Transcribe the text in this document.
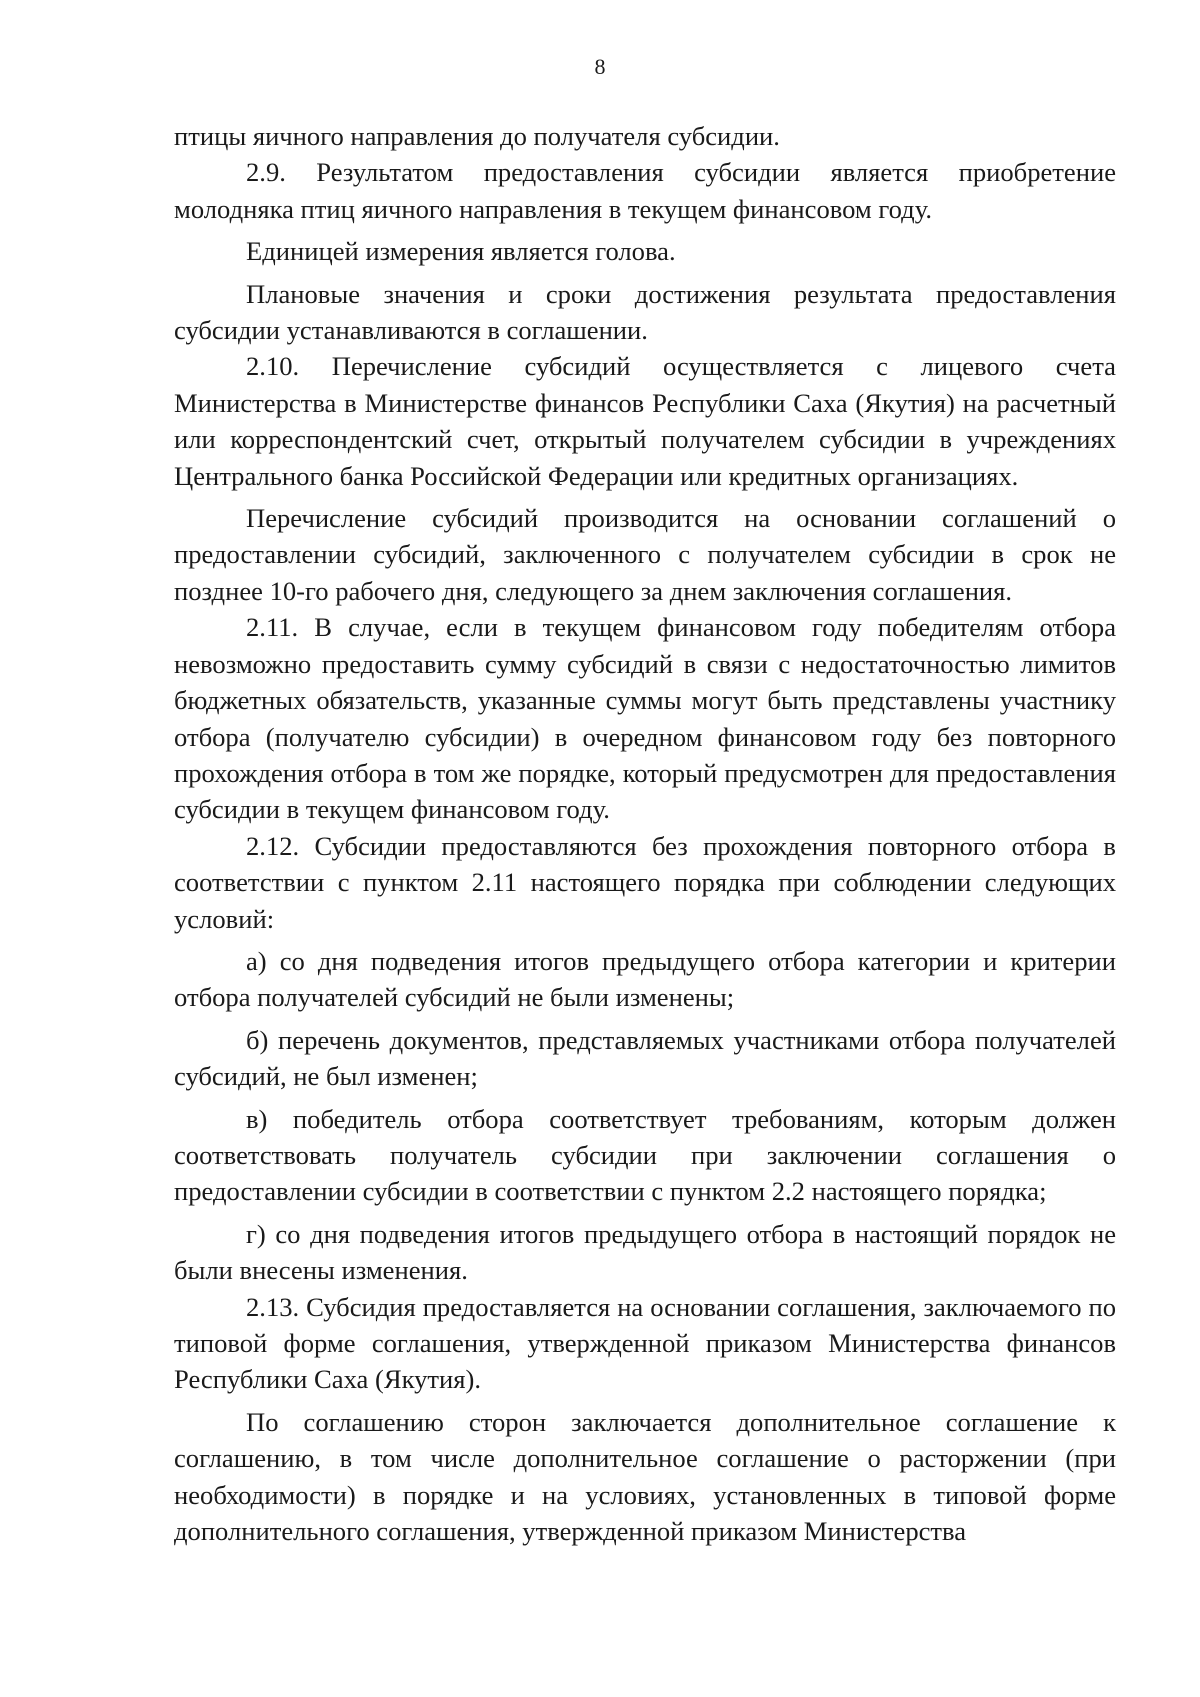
8

птицы яичного направления до получателя субсидии.

2.9. Результатом предоставления субсидии является приобретение молодняка птиц яичного направления в текущем финансовом году.

Единицей измерения является голова.

Плановые значения и сроки достижения результата предоставления субсидии устанавливаются в соглашении.

2.10. Перечисление субсидий осуществляется с лицевого счета Министерства в Министерстве финансов Республики Саха (Якутия) на расчетный или корреспондентский счет, открытый получателем субсидии в учреждениях Центрального банка Российской Федерации или кредитных организациях.

Перечисление субсидий производится на основании соглашений о предоставлении субсидий, заключенного с получателем субсидии в срок не позднее 10-го рабочего дня, следующего за днем заключения соглашения.

2.11. В случае, если в текущем финансовом году победителям отбора невозможно предоставить сумму субсидий в связи с недостаточностью лимитов бюджетных обязательств, указанные суммы могут быть представлены участнику отбора (получателю субсидии) в очередном финансовом году без повторного прохождения отбора в том же порядке, который предусмотрен для предоставления субсидии в текущем финансовом году.

2.12. Субсидии предоставляются без прохождения повторного отбора в соответствии с пунктом 2.11 настоящего порядка при соблюдении следующих условий:

а) со дня подведения итогов предыдущего отбора категории и критерии отбора получателей субсидий не были изменены;

б) перечень документов, представляемых участниками отбора получателей субсидий, не был изменен;

в) победитель отбора соответствует требованиям, которым должен соответствовать получатель субсидии при заключении соглашения о предоставлении субсидии в соответствии с пунктом 2.2 настоящего порядка;

г) со дня подведения итогов предыдущего отбора в настоящий порядок не были внесены изменения.

2.13. Субсидия предоставляется на основании соглашения, заключаемого по типовой форме соглашения, утвержденной приказом Министерства финансов Республики Саха (Якутия).

По соглашению сторон заключается дополнительное соглашение к соглашению, в том числе дополнительное соглашение о расторжении (при необходимости) в порядке и на условиях, установленных в типовой форме дополнительного соглашения, утвержденной приказом Министерства
